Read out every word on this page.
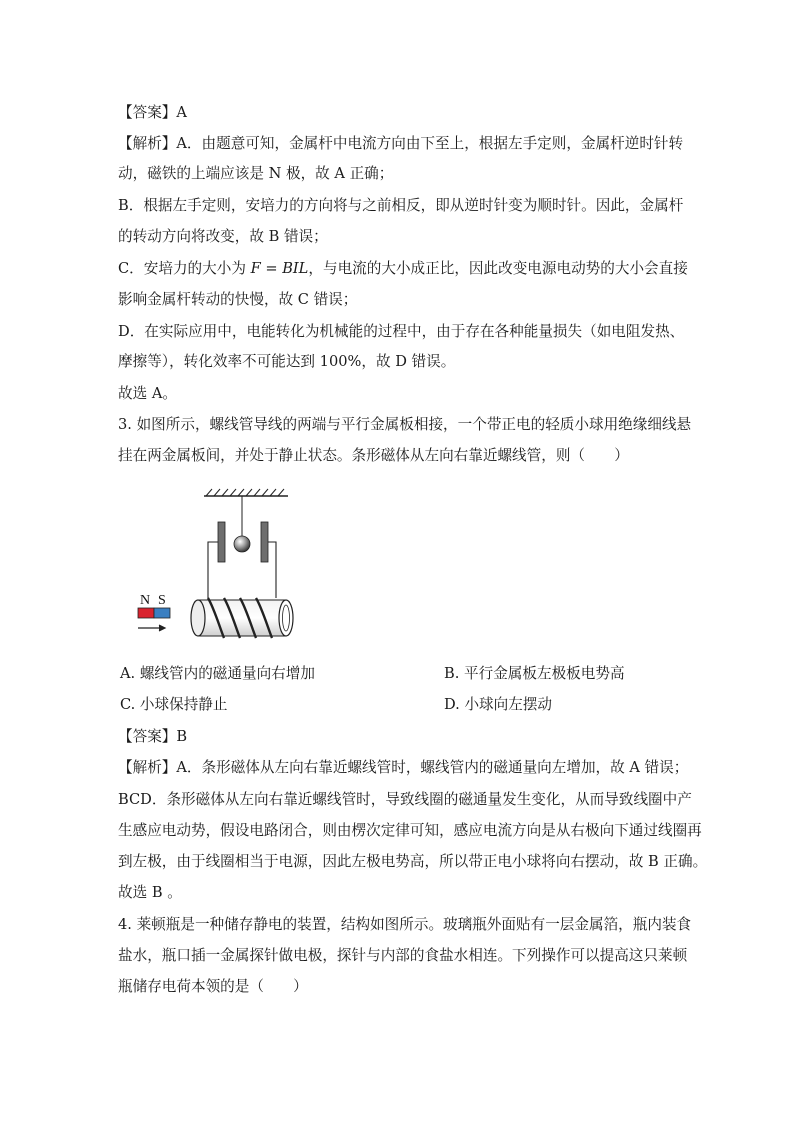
【答案】A
【解析】A．由题意可知，金属杆中电流方向由下至上，根据左手定则，金属杆逆时针转
动，磁铁的上端应该是 N 极，故 A 正确；
B．根据左手定则，安培力的方向将与之前相反，即从逆时针变为顺时针。因此，金属杆
的转动方向将改变，故 B 错误；
C．安培力的大小为 F = BIL，与电流的大小成正比，因此改变电源电动势的大小会直接
影响金属杆转动的快慢，故 C 错误；
D．在实际应用中，电能转化为机械能的过程中，由于存在各种能量损失（如电阻发热、
摩擦等），转化效率不可能达到 100%，故 D 错误。
故选 A。
3. 如图所示，螺线管导线的两端与平行金属板相接，一个带正电的轻质小球用绝缘细线悬
挂在两金属板间，并处于静止状态。条形磁体从左向右靠近螺线管，则（　　）
N S
A. 螺线管内的磁通量向右增加	B. 平行金属板左极板电势高
C. 小球保持静止	D. 小球向左摆动
【答案】B
【解析】A．条形磁体从左向右靠近螺线管时，螺线管内的磁通量向左增加，故 A 错误；
BCD．条形磁体从左向右靠近螺线管时，导致线圈的磁通量发生变化，从而导致线圈中产
生感应电动势，假设电路闭合，则由楞次定律可知，感应电流方向是从右极向下通过线圈再
到左极，由于线圈相当于电源，因此左极电势高，所以带正电小球将向右摆动，故 B 正确。
故选 B 。
4. 莱顿瓶是一种储存静电的装置，结构如图所示。玻璃瓶外面贴有一层金属箔，瓶内装食
盐水，瓶口插一金属探针做电极，探针与内部的食盐水相连。下列操作可以提高这只莱顿
瓶储存电荷本领的是（　　）
